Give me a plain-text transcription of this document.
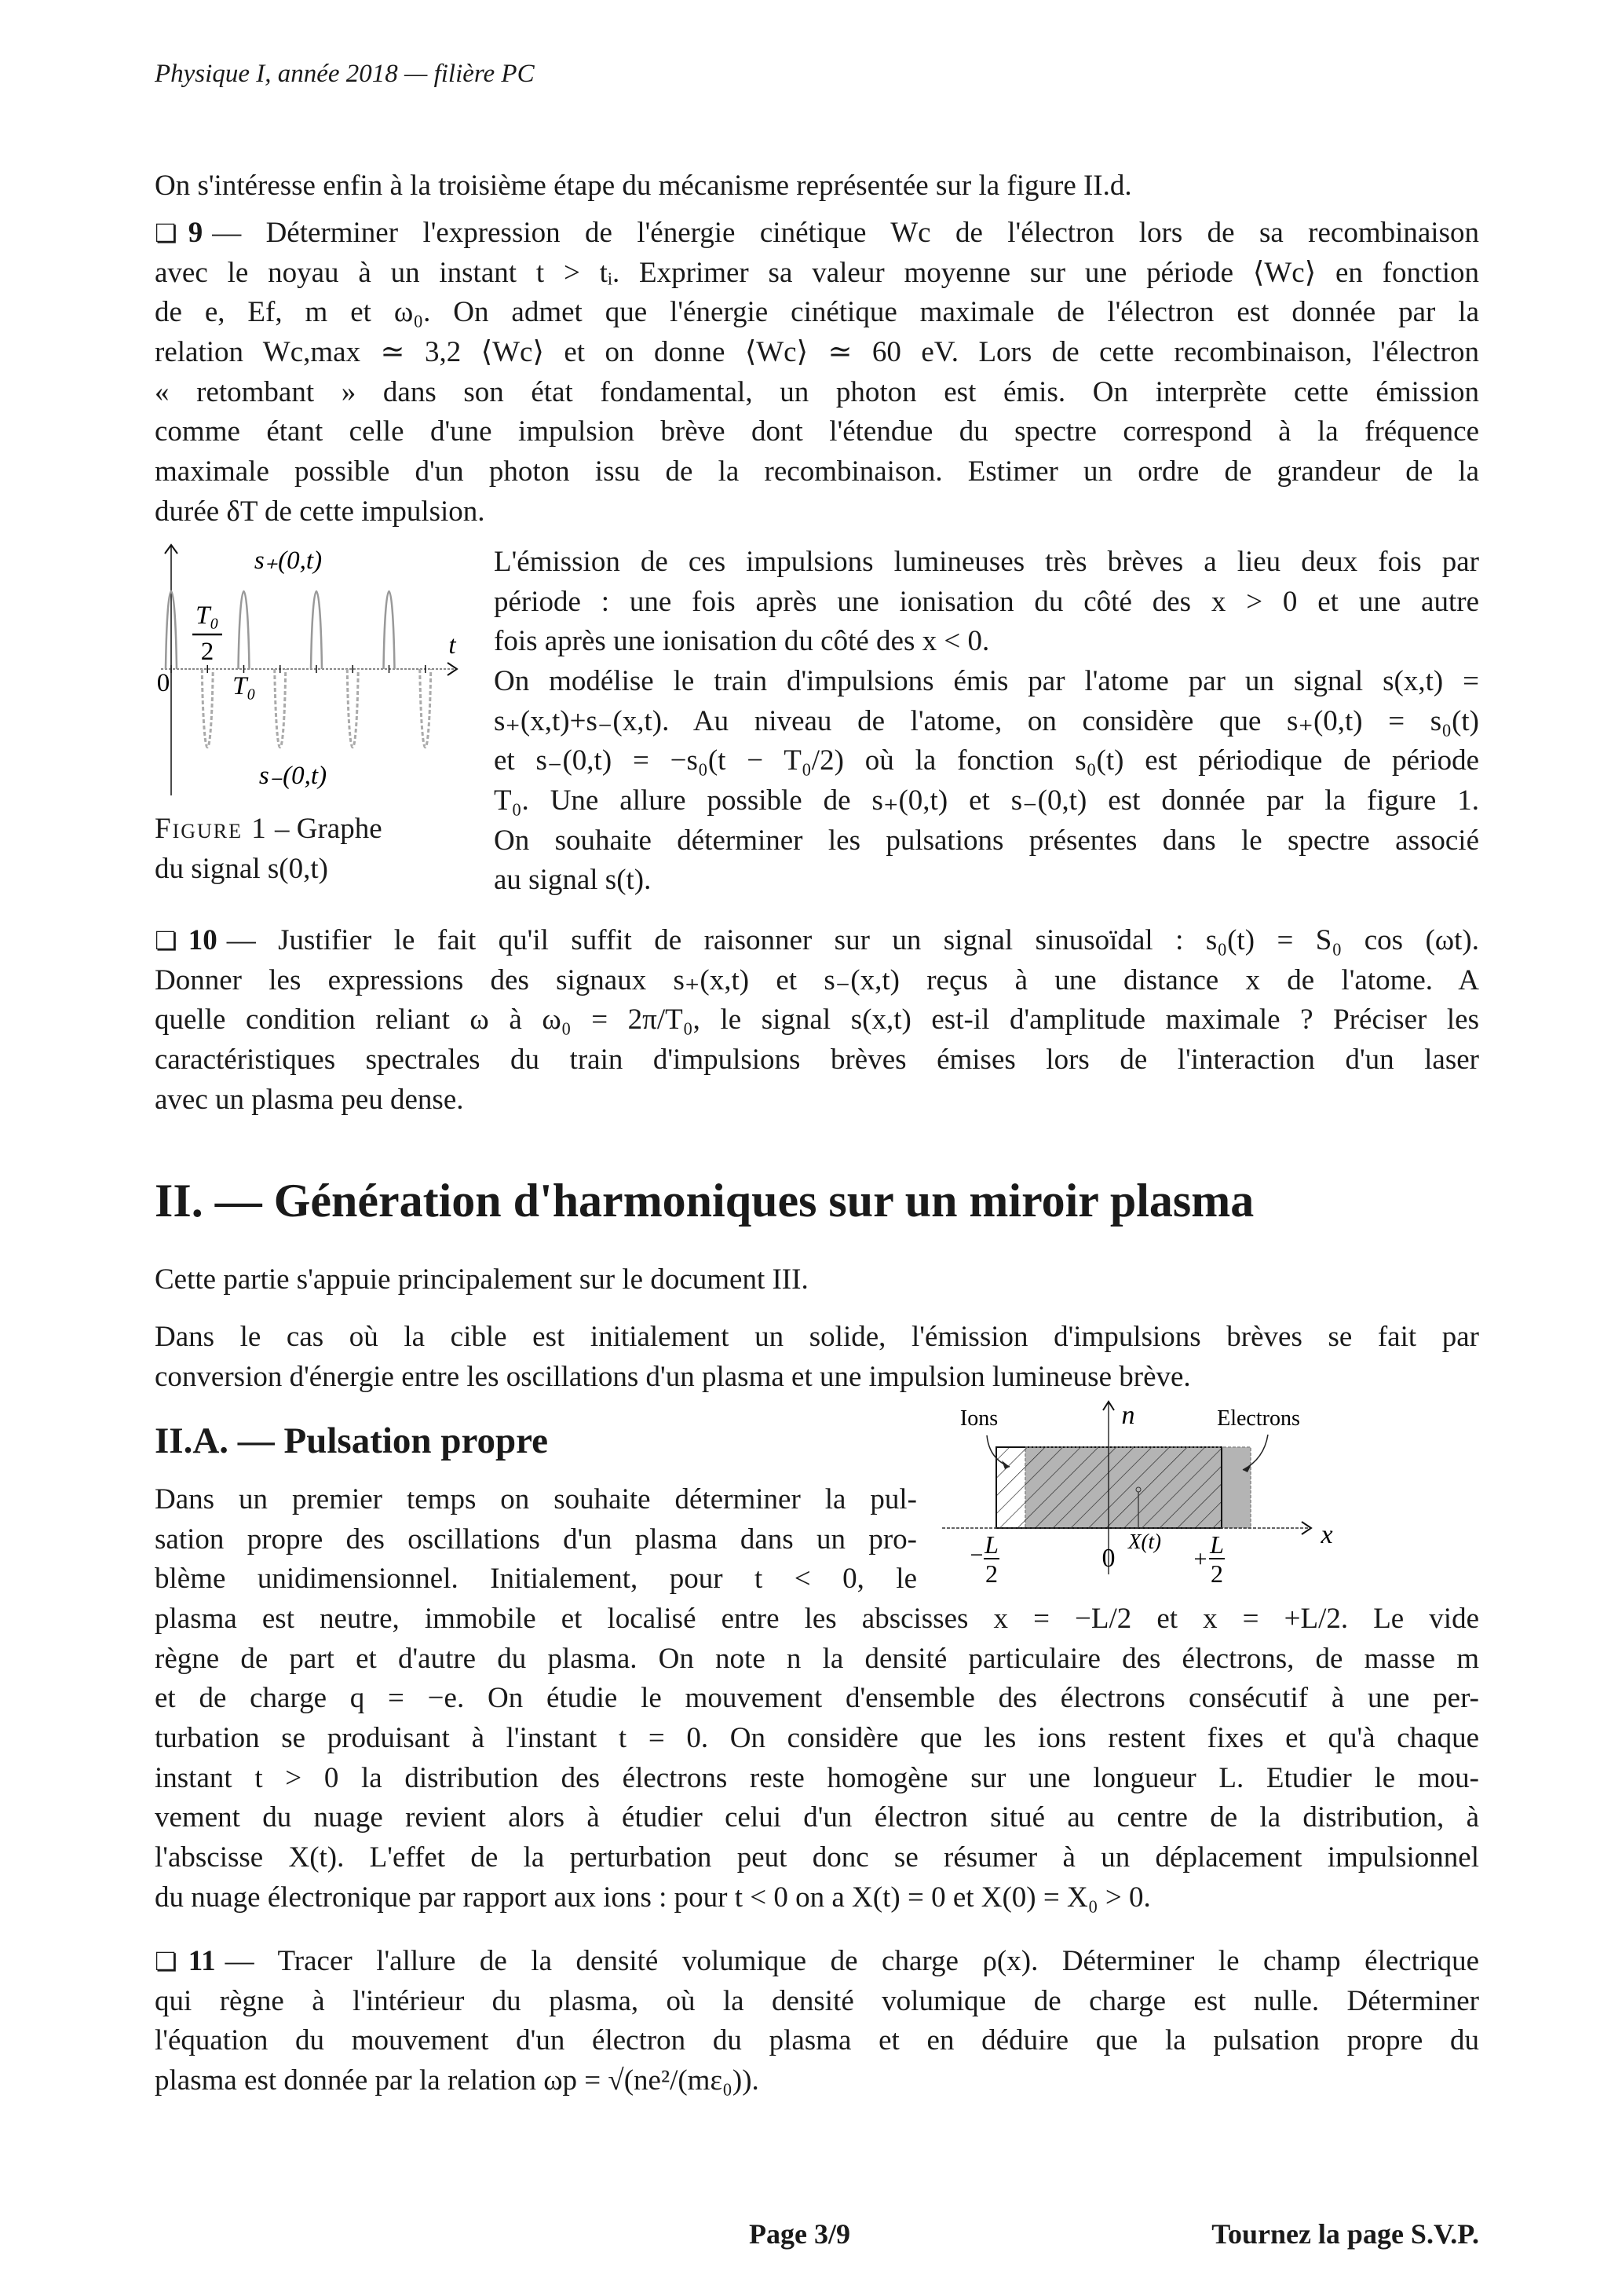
Physique I, année 2018 — filière PC
On s'intéresse enfin à la troisième étape du mécanisme représentée sur la figure II.d.
❏ 9 — Déterminer l'expression de l'énergie cinétique Wc de l'électron lors de sa recombinaison
avec le noyau à un instant t > tᵢ. Exprimer sa valeur moyenne sur une période ⟨Wc⟩ en fonction
de e, Ef, m et ω₀. On admet que l'énergie cinétique maximale de l'électron est donnée par la
relation Wc,max ≃ 3,2 ⟨Wc⟩ et on donne ⟨Wc⟩ ≃ 60 eV. Lors de cette recombinaison, l'électron
« retombant » dans son état fondamental, un photon est émis. On interprète cette émission
comme étant celle d'une impulsion brève dont l'étendue du spectre correspond à la fréquence
maximale possible d'un photon issu de la recombinaison. Estimer un ordre de grandeur de la
durée δT de cette impulsion.
s₊(0,t)
s₋(0,t)
T₀
2	t
0 T₀
Figure 1 – Graphe
du signal s(0,t)
L'émission de ces impulsions lumineuses très brèves a lieu deux fois par
période : une fois après une ionisation du côté des x > 0 et une autre
fois après une ionisation du côté des x < 0.
On modélise le train d'impulsions émis par l'atome par un signal s(x,t) =
s₊(x,t)+s₋(x,t). Au niveau de l'atome, on considère que s₊(0,t) = s₀(t)
et s₋(0,t) = −s₀(t − T₀/2) où la fonction s₀(t) est périodique de période
T₀. Une allure possible de s₊(0,t) et s₋(0,t) est donnée par la figure 1.
On souhaite déterminer les pulsations présentes dans le spectre associé
au signal s(t).
❏ 10 — Justifier le fait qu'il suffit de raisonner sur un signal sinusoïdal : s₀(t) = S₀ cos (ωt).
Donner les expressions des signaux s₊(x,t) et s₋(x,t) reçus à une distance x de l'atome. A
quelle condition reliant ω à ω₀ = 2π/T₀, le signal s(x,t) est-il d'amplitude maximale ? Préciser les
caractéristiques spectrales du train d'impulsions brèves émises lors de l'interaction d'un laser
avec un plasma peu dense.
II. — Génération d'harmoniques sur un miroir plasma
Cette partie s'appuie principalement sur le document III.
Dans le cas où la cible est initialement un solide, l'émission d'impulsions brèves se fait par
conversion d'énergie entre les oscillations d'un plasma et une impulsion lumineuse brève.
II.A. — Pulsation propre
Ions	Electrons
n
x
0
X(t)
− L
2
+
L
2
Dans un premier temps on souhaite déterminer la pul-
sation propre des oscillations d'un plasma dans un pro-
blème unidimensionnel. Initialement, pour t < 0, le
plasma est neutre, immobile et localisé entre les abscisses x = −L/2 et x = +L/2. Le vide
règne de part et d'autre du plasma. On note n la densité particulaire des électrons, de masse m
et de charge q = −e. On étudie le mouvement d'ensemble des électrons consécutif à une per-
turbation se produisant à l'instant t = 0. On considère que les ions restent fixes et qu'à chaque
instant t > 0 la distribution des électrons reste homogène sur une longueur L. Etudier le mou-
vement du nuage revient alors à étudier celui d'un électron situé au centre de la distribution, à
l'abscisse X(t). L'effet de la perturbation peut donc se résumer à un déplacement impulsionnel
du nuage électronique par rapport aux ions : pour t < 0 on a X(t) = 0 et X(0) = X₀ > 0.
❏ 11 — Tracer l'allure de la densité volumique de charge ρ(x). Déterminer le champ électrique
qui règne à l'intérieur du plasma, où la densité volumique de charge est nulle. Déterminer
l'équation du mouvement d'un électron du plasma et en déduire que la pulsation propre du
plasma est donnée par la relation ωp = √(ne²/(mε₀)).
Page 3/9	Tournez la page S.V.P.
